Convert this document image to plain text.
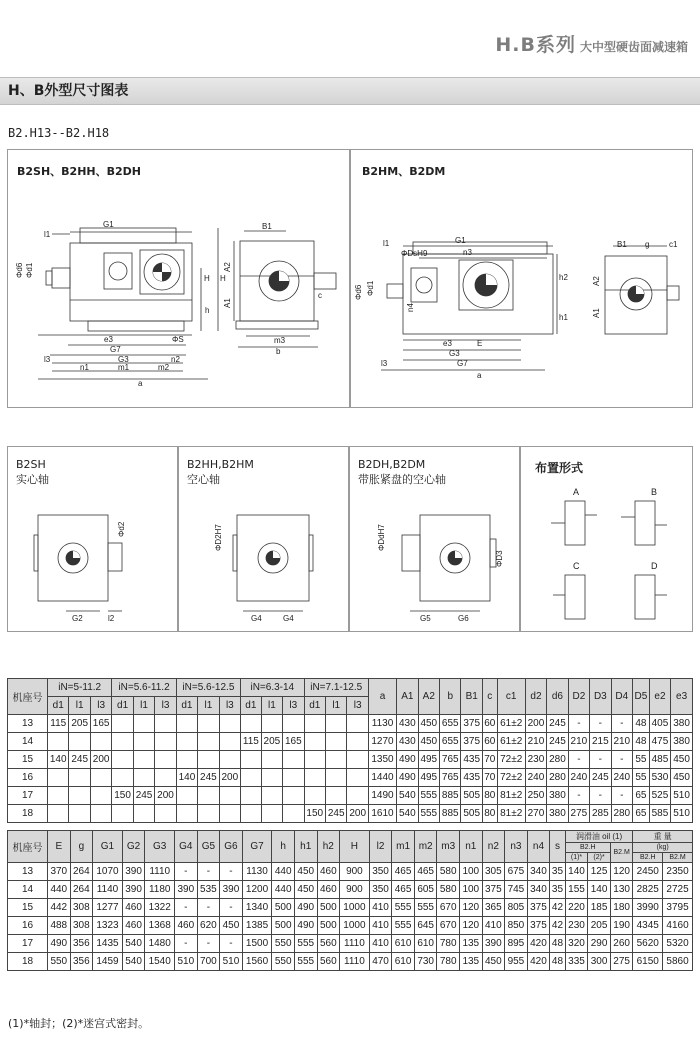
H.B系列 大中型硬齿面减速箱
H、B外型尺寸图表
B2.H13--B2.H18
B2SH、B2HH、B2DH
l1
G1	B1
Φd6 Φd1	A2
H H
h
A1
c
e3	ΦS
G7
m3
b
l3	G3	n2
n1	m1	m2
a
B2HM、B2DM
l1	G1
ΦDsH9	n3
B1 g c1
Φd6 Φd1
n4
h2
h1
A2
A1
e3	E
G3
G7
l3
a
B2SH
实心轴
Φd2
G2	l2
B2HH,B2HM
空心轴
ΦD2H7
G4	G4
B2DH,B2DM
带胀紧盘的空心轴
ΦDdH7
ΦD3
G5	G6
布置形式
A	B
C	D
机座号	iN=5-11.2			iN=5.6-11.2			iN=5.6-12.5			iN=6.3-14			iN=7.1-12.5			a	A1	A2	b	B1	c	c1	d2	d6	D2	D3	D4	D5	e2	e3
	d1	l1	l3	d1	l1	l3	d1	l1	l3	d1	l1	l3	d1	l1	l3															
13	115	205	165													1130	430	450	655	375	60	61±2	200	245	-	-	-	48	405	380
14										115	205	165				1270	430	450	655	375	60	61±2	210	245	210	215	210	48	475	380
15	140	245	200													1350	490	495	765	435	70	72±2	230	280	-	-	-	55	485	450
16							140	245	200							1440	490	495	765	435	70	72±2	240	280	240	245	240	55	530	450
17				150	245	200										1490	540	555	885	505	80	81±2	250	380	-	-	-	65	525	510
18													150	245	200	1610	540	555	885	505	80	81±2	270	380	275	285	280	65	585	510
机座号	E	g	G1	G2	G3	G4	G5	G6	G7	h	h1	h2	H	l2	m1	m2	m3	n1	n2	n3	n4	s	润滑油 oil (1)			重 量	
																							B2.H		B2.M	(kg)	
																							(1)*	(2)*		B2.H	B2.M
13	370	264	1070	390	1110	-	-	-	1130	440	450	460	900	350	465	465	580	100	305	675	340	35	140	125	120	2450	2350
14	440	264	1140	390	1180	390	535	390	1200	440	450	460	900	350	465	605	580	100	375	745	340	35	155	140	130	2825	2725
15	442	308	1277	460	1322	-	-	-	1340	500	490	500	1000	410	555	555	670	120	365	805	375	42	220	185	180	3990	3795
16	488	308	1323	460	1368	460	620	450	1385	500	490	500	1000	410	555	645	670	120	410	850	375	42	230	205	190	4345	4160
17	490	356	1435	540	1480	-	-	-	1500	550	555	560	1110	410	610	610	780	135	390	895	420	48	320	290	260	5620	5320
18	550	356	1459	540	1540	510	700	510	1560	550	555	560	1110	470	610	730	780	135	450	955	420	48	335	300	275	6150	5860
(1)*轴封；(2)*迷宫式密封。
